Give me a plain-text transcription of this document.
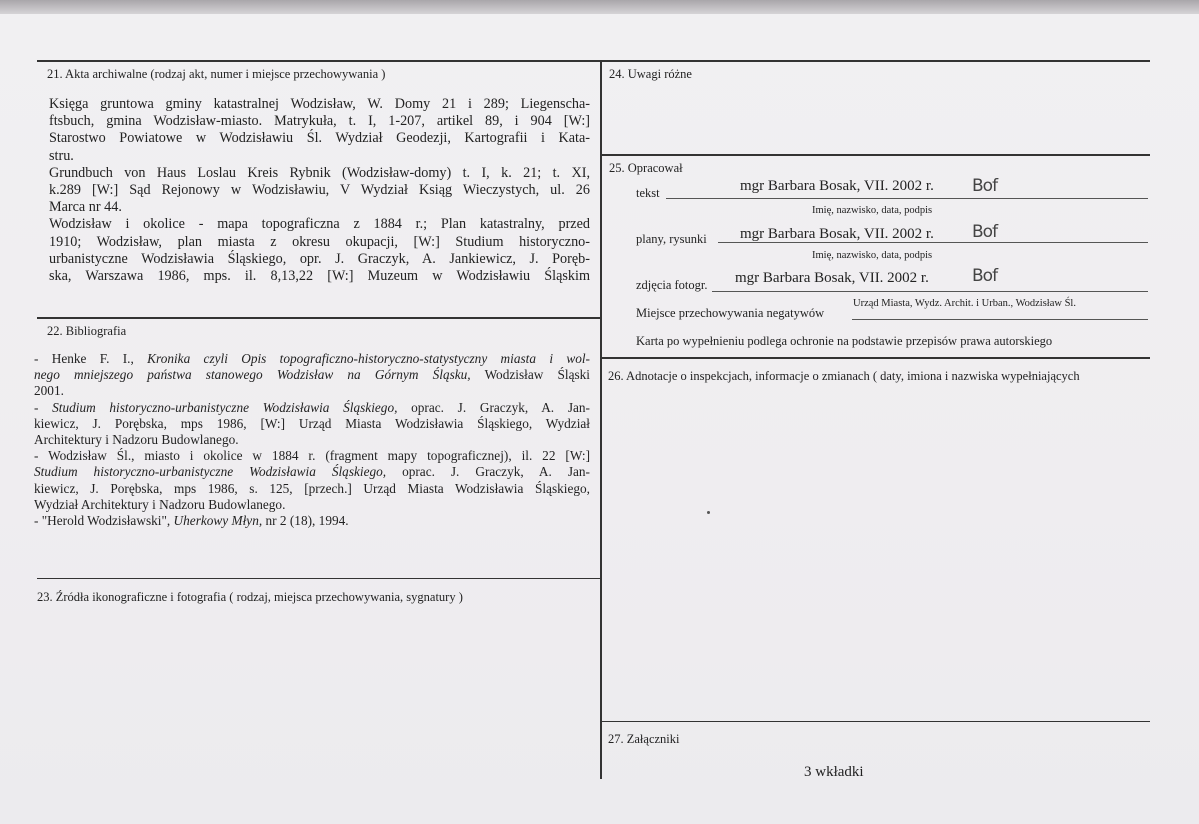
21. Akta archiwalne (rodzaj akt, numer i miejsce przechowywania )
Księga gruntowa gminy katastralnej Wodzisław, W. Domy 21 i 289; Liegenscha-
ftsbuch, gmina Wodzisław-miasto. Matrykuła, t. I, 1-207, artikel 89, i 904 [W:]
Starostwo Powiatowe w Wodzisławiu Śl. Wydział Geodezji, Kartografii i Kata-
stru.
Grundbuch von Haus Loslau Kreis Rybnik (Wodzisław-domy) t. I, k. 21; t. XI,
k.289 [W:] Sąd Rejonowy w Wodzisławiu, V Wydział Ksiąg Wieczystych, ul. 26
Marca nr 44.
Wodzisław i okolice - mapa topograficzna z 1884 r.; Plan katastralny, przed
1910; Wodzisław, plan miasta z okresu okupacji, [W:] Studium historyczno-
urbanistyczne Wodzisławia Śląskiego, opr. J. Graczyk, A. Jankiewicz, J. Poręb-
ska, Warszawa 1986, mps. il. 8,13,22 [W:] Muzeum w Wodzisławiu Śląskim
22. Bibliografia
- Henke F. I., Kronika czyli Opis topograficzno-historyczno-statystyczny miasta i wol-
nego mniejszego państwa stanowego Wodzisław na Górnym Śląsku, Wodzisław Śląski
2001.
- Studium historyczno-urbanistyczne Wodzisławia Śląskiego, oprac. J. Graczyk, A. Jan-
kiewicz, J. Porębska, mps 1986, [W:] Urząd Miasta Wodzisławia Śląskiego, Wydział
Architektury i Nadzoru Budowlanego.
- Wodzisław Śl., miasto i okolice w 1884 r. (fragment mapy topograficznej), il. 22 [W:]
Studium historyczno-urbanistyczne Wodzisławia Śląskiego, oprac. J. Graczyk, A. Jan-
kiewicz, J. Porębska, mps 1986, s. 125, [przech.] Urząd Miasta Wodzisławia Śląskiego,
Wydział Architektury i Nadzoru Budowlanego.
- "Herold Wodzisławski", Uherkowy Młyn, nr 2 (18), 1994.
23. Źródła ikonograficzne i fotografia ( rodzaj, miejsca przechowywania, sygnatury )
24. Uwagi różne
25. Opracował
tekst	mgr Barbara Bosak, VII. 2002 r. Bof
Imię, nazwisko, data, podpis
plany, rysunki mgr Barbara Bosak, VII. 2002 r. Bof
Imię, nazwisko, data, podpis
zdjęcia fotogr. mgr Barbara Bosak, VII. 2002 r.	Bof
Miejsce przechowywania negatywów
Urząd Miasta, Wydz. Archit. i Urban., Wodzisław Śl.
Karta po wypełnieniu podlega ochronie na podstawie przepisów prawa autorskiego
26. Adnotacje o inspekcjach, informacje o zmianach ( daty, imiona i nazwiska wypełniających
27. Załączniki
3 wkładki
